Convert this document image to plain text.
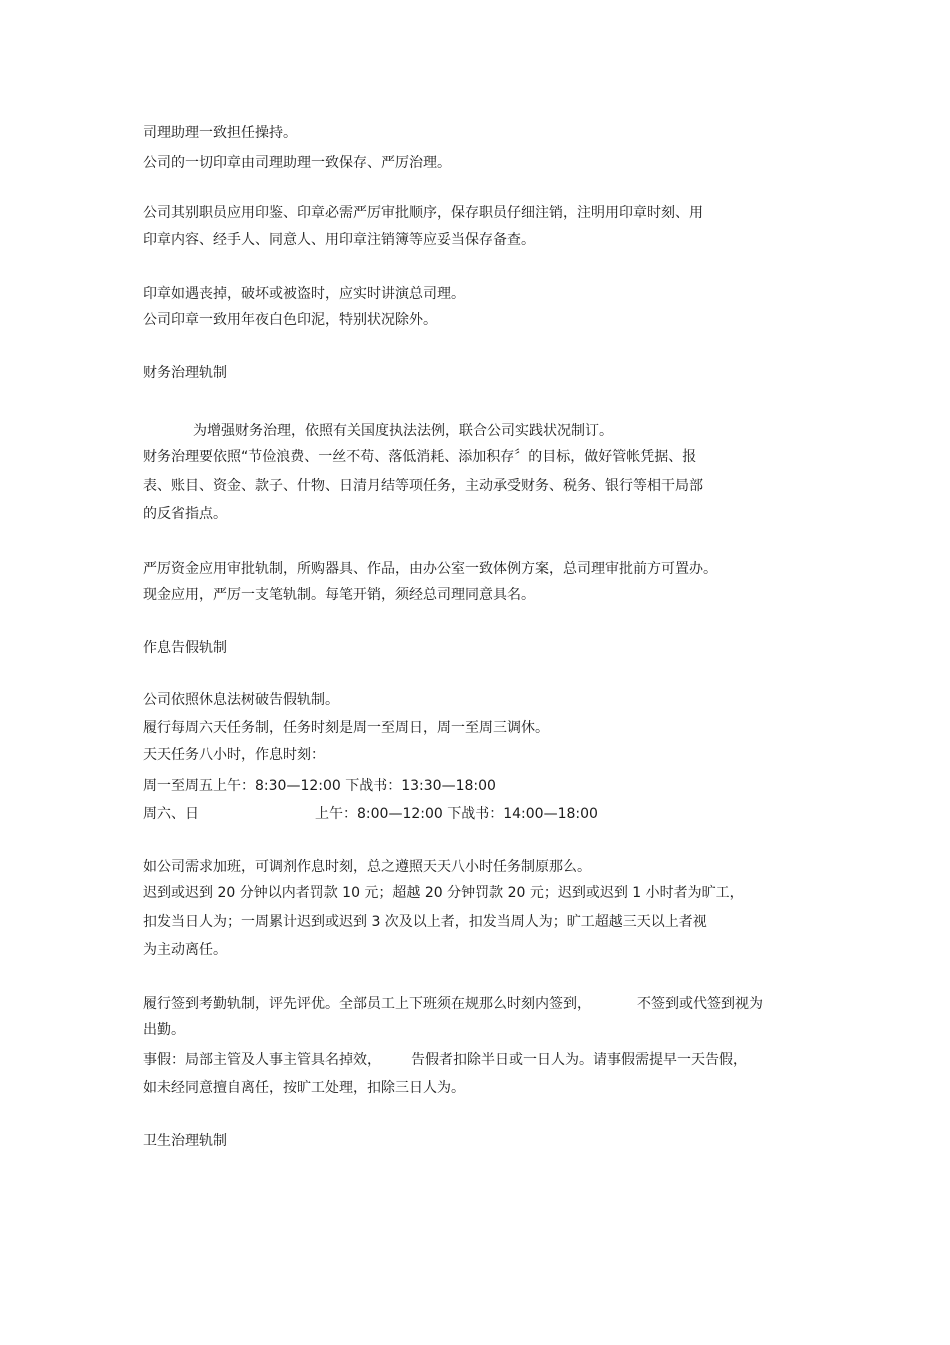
司理助理一致担任操持。
公司的一切印章由司理助理一致保存、严厉治理。
公司其别职员应用印鉴、印章必需严厉审批顺序，保存职员仔细注销，注明用印章时刻、用
印章内容、经手人、同意人、用印章注销簿等应妥当保存备查。
印章如遇丧掉，破坏或被盗时，应实时讲演总司理。
公司印章一致用年夜白色印泥，特别状况除外。
财务治理轨制
为增强财务治理，依照有关国度执法法例，联合公司实践状况制订。
财务治理要依照“节俭浪费、一丝不苟、落低消耗、添加积存〞的目标，做好管帐凭据、报
表、账目、资金、款子、什物、日清月结等项任务，主动承受财务、税务、银行等相干局部
的反省指点。
严厉资金应用审批轨制，所购器具、作品，由办公室一致体例方案，总司理审批前方可置办。
现金应用，严厉一支笔轨制。每笔开销，须经总司理同意具名。
作息告假轨制
公司依照休息法树破告假轨制。
履行每周六天任务制，任务时刻是周一至周日，周一至周三调休。
天天任务八小时，作息时刻：
周一至周五上午：8:30—12:00 下战书：13:30—18:00
周六、日	上午：8:00—12:00 下战书：14:00—18:00
如公司需求加班，可调剂作息时刻，总之遵照天天八小时任务制原那么。
迟到或迟到 20 分钟以内者罚款 10 元；超越 20 分钟罚款 20 元；迟到或迟到 1 小时者为旷工，
扣发当日人为；一周累计迟到或迟到 3 次及以上者，扣发当周人为；旷工超越三天以上者视
为主动离任。
履行签到考勤轨制，评先评优。全部员工上下班须在规那么时刻内签到，	不签到或代签到视为
出勤。
事假：局部主管及人事主管具名掉效， 告假者扣除半日或一日人为。请事假需提早一天告假，
如未经同意擅自离任，按旷工处理，扣除三日人为。
卫生治理轨制
